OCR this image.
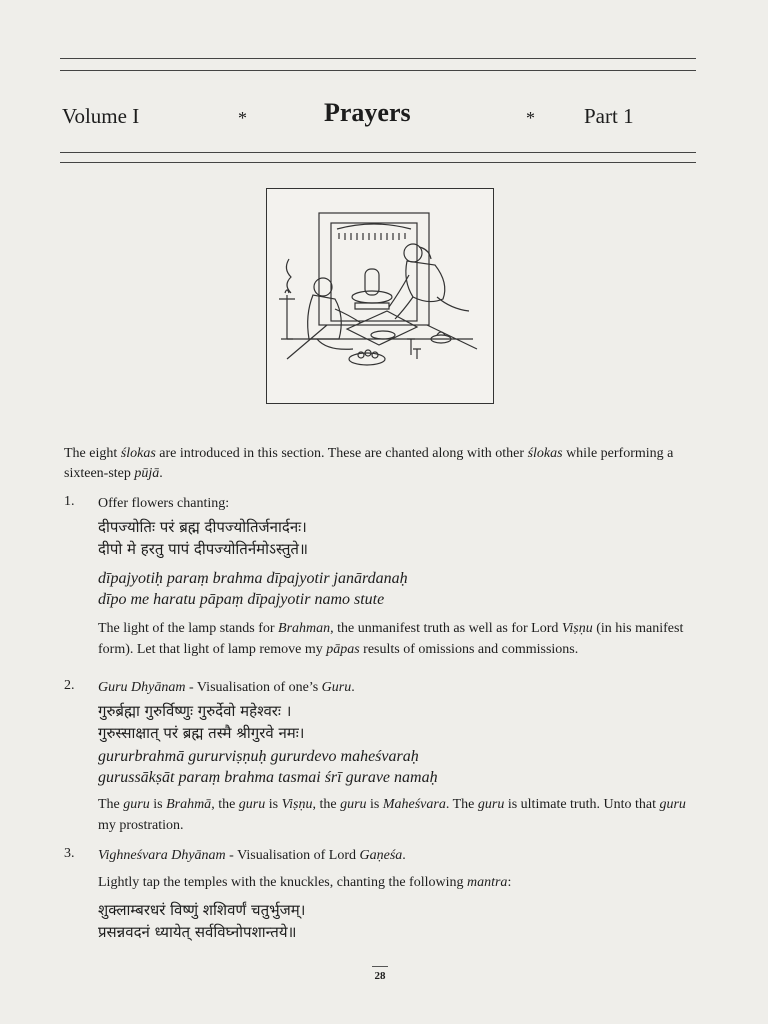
Volume I	*	Prayers	* Part 1

The eight ślokas are introduced in this section. These are chanted along with other ślokas while performing a sixteen-step pūjā.

1.	Offer flowers chanting:
दीपज्योतिः परं ब्रह्म दीपज्योतिर्जनार्दनः।
दीपो मे हरतु पापं दीपज्योतिर्नमोऽस्तुते॥
dīpajyotiḥ paraṃ brahma dīpajyotir janārdanaḥ
dīpo me haratu pāpaṃ dīpajyotir namo stute
The light of the lamp stands for Brahman, the unmanifest truth as well as for Lord Viṣṇu (in his manifest form). Let that light of lamp remove my pāpas results of omissions and commissions.
2.	Guru Dhyānam - Visualisation of one’s Guru.
गुरुर्ब्रह्मा गुरुर्विष्णुः गुरुर्देवो महेश्वरः ।
गुरुस्साक्षात् परं ब्रह्म तस्मै श्रीगुरवे नमः।
gururbrahmā gururviṣṇuḥ gururdevo maheśvaraḥ
gurussākṣāt paraṃ brahma tasmai śrī gurave namaḥ
The guru is Brahmā, the guru is Viṣṇu, the guru is Maheśvara. The guru is ultimate truth. Unto that guru my prostration.
3.	Vighneśvara Dhyānam - Visualisation of Lord Gaṇeśa.
Lightly tap the temples with the knuckles, chanting the following mantra:
शुक्लाम्बरधरं विष्णुं शशिवर्णं चतुर्भुजम्।
प्रसन्नवदनं ध्यायेत् सर्वविघ्नोपशान्तये॥
28
